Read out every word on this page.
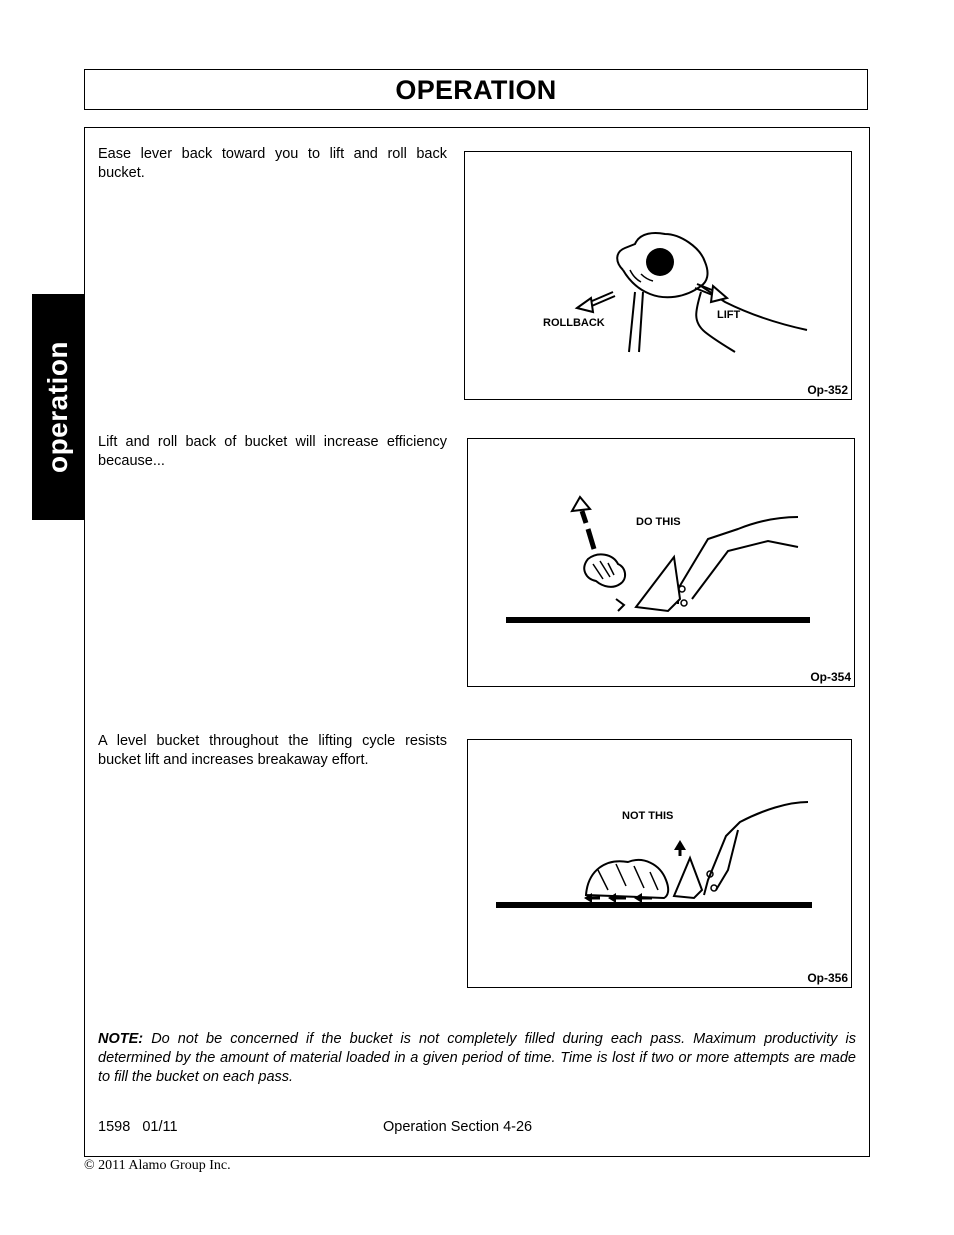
OPERATION
operation
Ease lever back toward you to lift and roll back bucket.
ROLLBACK
LIFT
Op-352
Lift and roll back of bucket will increase efficiency because...
DO THIS
Op-354
A level bucket throughout the lifting cycle resists bucket lift and increases breakaway effort.
NOT THIS
Op-356
NOTE: Do not be concerned if the bucket is not completely filled during each pass. Maximum productivity is determined by the amount of material loaded in a given period of time. Time is lost if two or more attempts are made to fill the bucket on each pass.
1598   01/11	Operation Section 4-26
© 2011 Alamo Group Inc.
